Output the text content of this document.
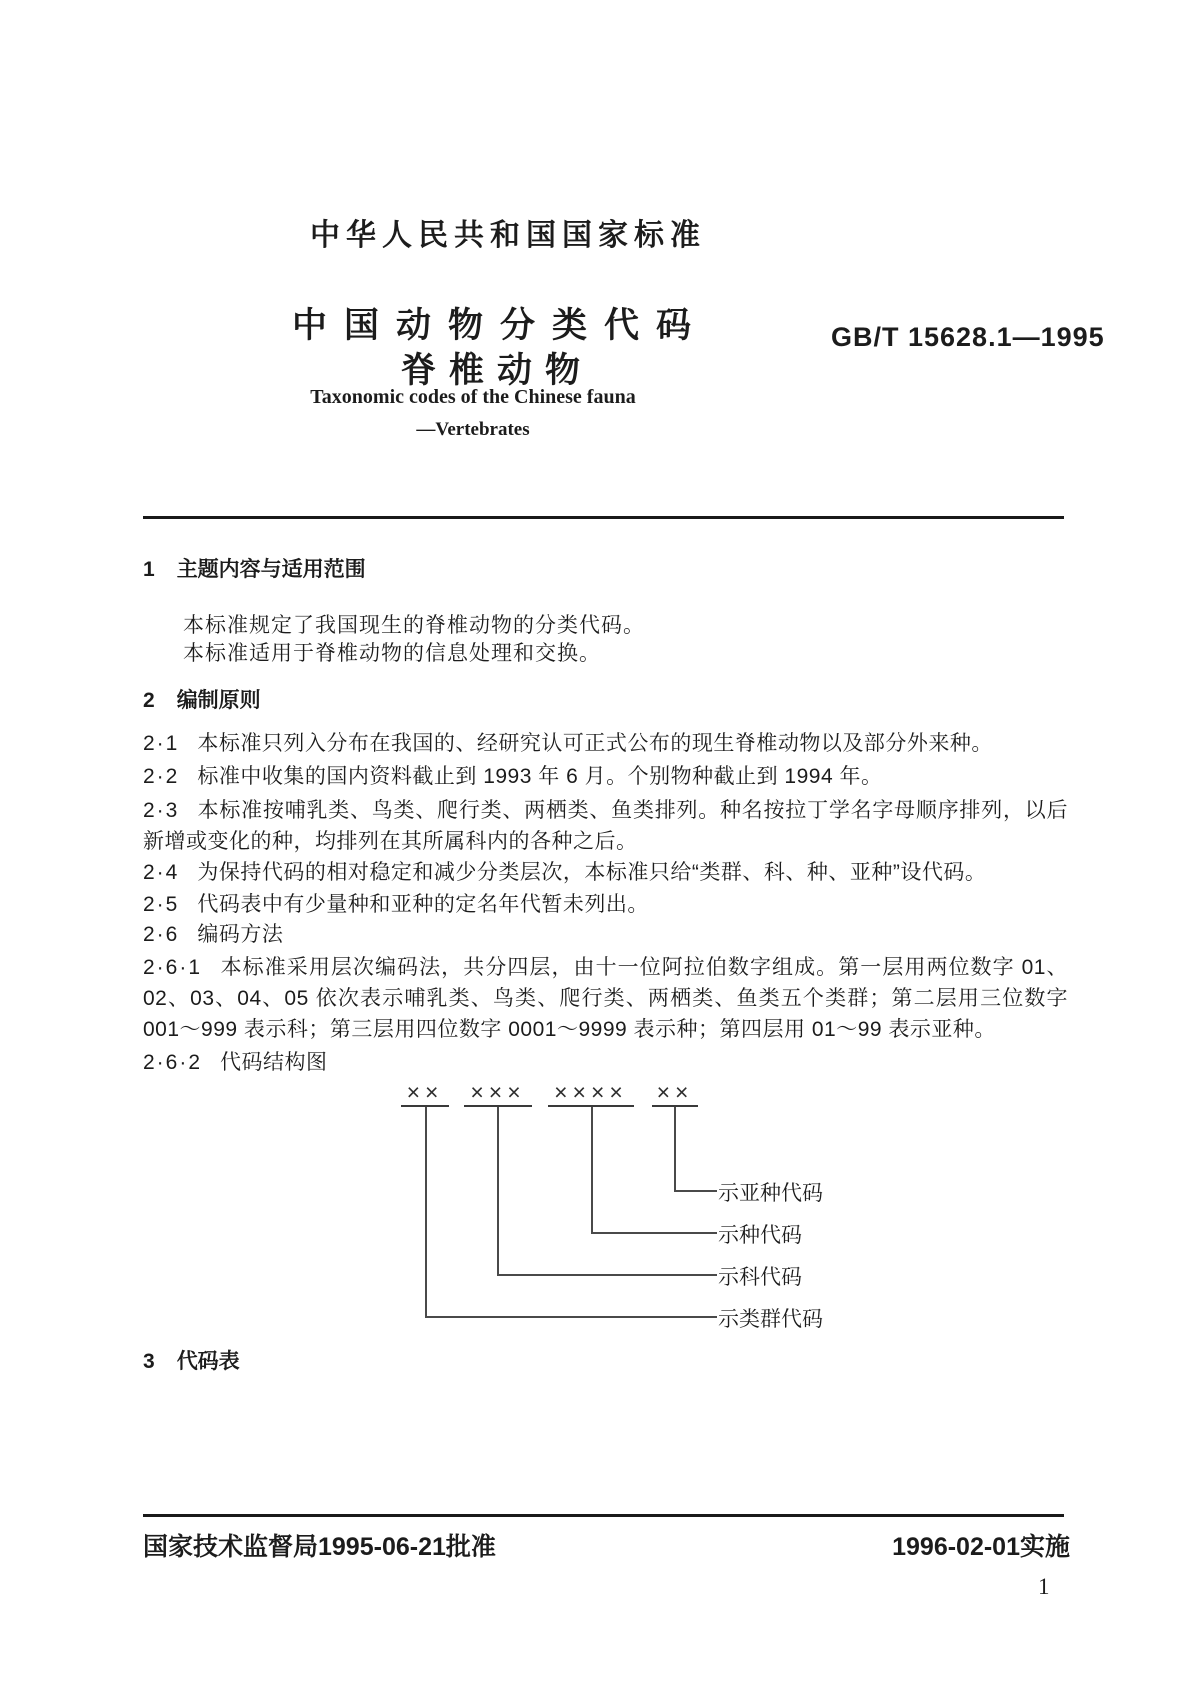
中华人民共和国国家标准
中国动物分类代码
脊椎动物
GB/T 15628.1—1995
Taxonomic codes of the Chinese fauna
—Vertebrates
1 主题内容与适用范围
本标准规定了我国现生的脊椎动物的分类代码。
本标准适用于脊椎动物的信息处理和交换。
2 编制原则
2·1 本标准只列入分布在我国的、经研究认可正式公布的现生脊椎动物以及部分外来种。
2·2 标准中收集的国内资料截止到 1993 年 6 月。个别物种截止到 1994 年。
2·3 本标准按哺乳类、鸟类、爬行类、两栖类、鱼类排列。种名按拉丁学名字母顺序排列，以后新增或变化的种，均排列在其所属科内的各种之后。
2·4 为保持代码的相对稳定和减少分类层次，本标准只给“类群、科、种、亚种”设代码。
2·5 代码表中有少量种和亚种的定名年代暂未列出。
2·6 编码方法
2·6·1 本标准采用层次编码法，共分四层，由十一位阿拉伯数字组成。第一层用两位数字 01、02、03、04、05 依次表示哺乳类、鸟类、爬行类、两栖类、鱼类五个类群；第二层用三位数字 001～999 表示科；第三层用四位数字 0001～9999 表示种；第四层用 01～99 表示亚种。
2·6·2 代码结构图
×× ××× ×××× ××
示亚种代码
示种代码
示科代码
示类群代码
3 代码表
国家技术监督局1995-06-21批准	1996-02-01实施
1
